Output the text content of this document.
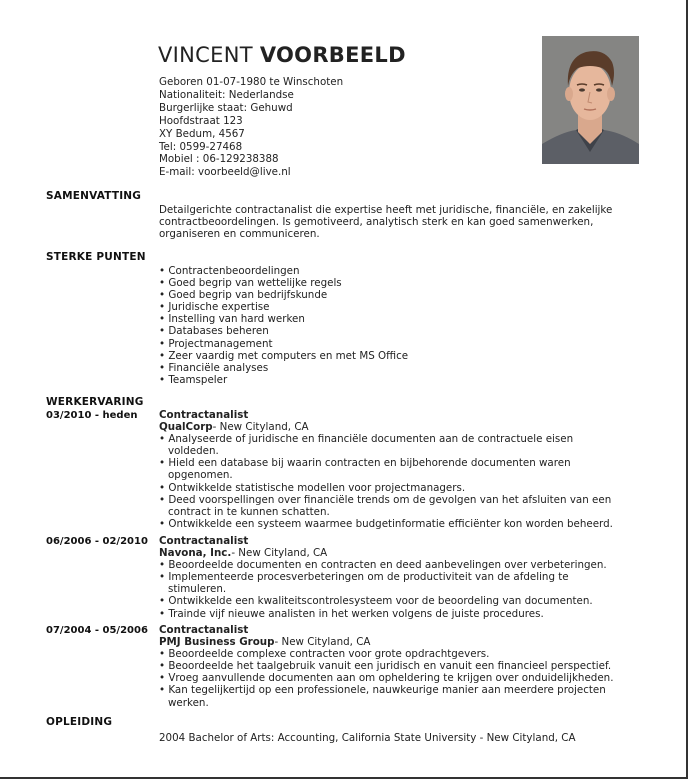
VINCENT VOORBEELD
Geboren 01-07-1980 te Winschoten
Nationaliteit: Nederlandse
Burgerlijke staat: Gehuwd
Hoofdstraat 123
XY Bedum, 4567
Tel: 0599-27468
Mobiel : 06-129238388
E-mail: voorbeeld@live.nl
SAMENVATTING
Detailgerichte contractanalist die expertise heeft met juridische, financiële, en zakelijke
contractbeoordelingen. Is gemotiveerd, analytisch sterk en kan goed samenwerken,
organiseren en communiceren.
STERKE PUNTEN
• Contractenbeoordelingen
• Goed begrip van wettelijke regels
• Goed begrip van bedrijfskunde
• Juridische expertise
• Instelling van hard werken
• Databases beheren
• Projectmanagement
• Zeer vaardig met computers en met MS Office
• Financiële analyses
• Teamspeler
WERKERVARING
03/2010 - heden Contractanalist
QualCorp- New Cityland, CA
• Analyseerde of juridische en financiële documenten aan de contractuele eisen
voldeden.
• Hield een database bij waarin contracten en bijbehorende documenten waren
opgenomen.
• Ontwikkelde statistische modellen voor projectmanagers.
• Deed voorspellingen over financiële trends om de gevolgen van het afsluiten van een
contract in te kunnen schatten.
• Ontwikkelde een systeem waarmee budgetinformatie efficiënter kon worden beheerd.
06/2006 - 02/2010 Contractanalist
Navona, Inc.- New Cityland, CA
• Beoordeelde documenten en contracten en deed aanbevelingen over verbeteringen.
• Implementeerde procesverbeteringen om de productiviteit van de afdeling te
stimuleren.
• Ontwikkelde een kwaliteitscontrolesysteem voor de beoordeling van documenten.
• Trainde vijf nieuwe analisten in het werken volgens de juiste procedures.
07/2004 - 05/2006 Contractanalist
PMJ Business Group- New Cityland, CA
• Beoordeelde complexe contracten voor grote opdrachtgevers.
• Beoordeelde het taalgebruik vanuit een juridisch en vanuit een financieel perspectief.
• Vroeg aanvullende documenten aan om opheldering te krijgen over onduidelijkheden.
• Kan tegelijkertijd op een professionele, nauwkeurige manier aan meerdere projecten
werken.
OPLEIDING
2004 Bachelor of Arts: Accounting, California State University - New Cityland, CA
